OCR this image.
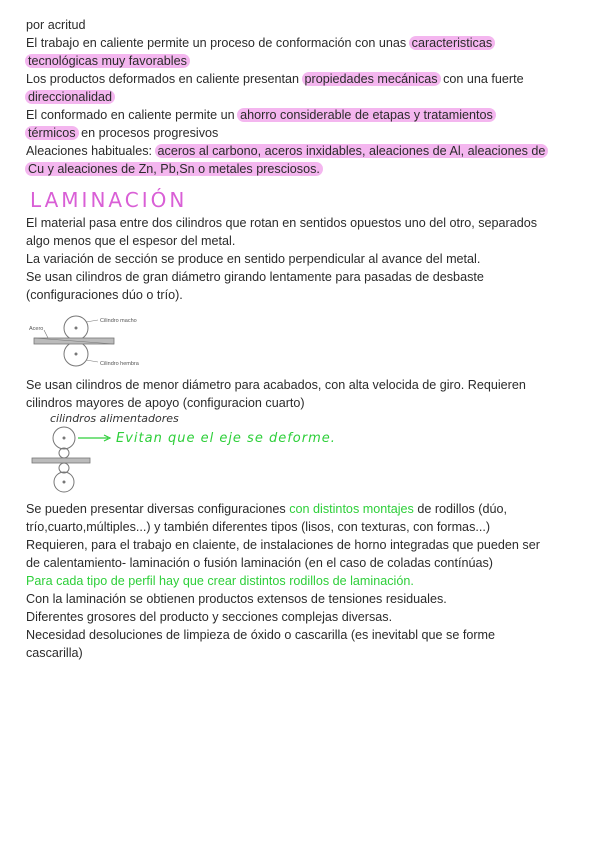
por acritud
El trabajo en caliente permite un proceso de conformación con unas caracteristicas
tecnológicas muy favorables
Los productos deformados en caliente presentan propiedades mecánicas con una fuerte
direccionalidad
El conformado en caliente permite un ahorro considerable de etapas y tratamientos
térmicos en procesos progresivos
Aleaciones habituales: aceros al carbono, aceros inxidables, aleaciones de Al, aleaciones de
Cu y aleaciones de Zn, Pb,Sn o metales presciosos.
LAMINACIÓN
El material pasa entre dos cilindros que rotan en sentidos opuestos uno del otro, separados
algo menos que el espesor del metal.
La variación de sección se produce en sentido perpendicular al avance del metal.
Se usan cilindros de gran diámetro girando lentamente para pasadas de desbaste
(configuraciones dúo o trío).
Acero
Cilindro macho
Cilindro hembra
Se usan cilindros de menor diámetro para acabados, con alta velocida de giro. Requieren
cilindros mayores de apoyo (configuracion cuarto)
cilindros alimentadores
Evitan que el eje se deforme.
Se pueden presentar diversas configuraciones con distintos montajes de rodillos (dúo,
trío,cuarto,múltiples...) y también diferentes tipos (lisos, con texturas, con formas...)
Requieren, para el trabajo en claiente, de instalaciones de horno integradas que pueden ser
de calentamiento- laminación o fusión laminación (en el caso de coladas contínúas)
Para cada tipo de perfil hay que crear distintos rodillos de laminación.
Con la laminación se obtienen productos extensos de tensiones residuales.
Diferentes grosores del producto y secciones complejas diversas.
Necesidad desoluciones de limpieza de óxido o cascarilla (es inevitabl que se forme
cascarilla)
